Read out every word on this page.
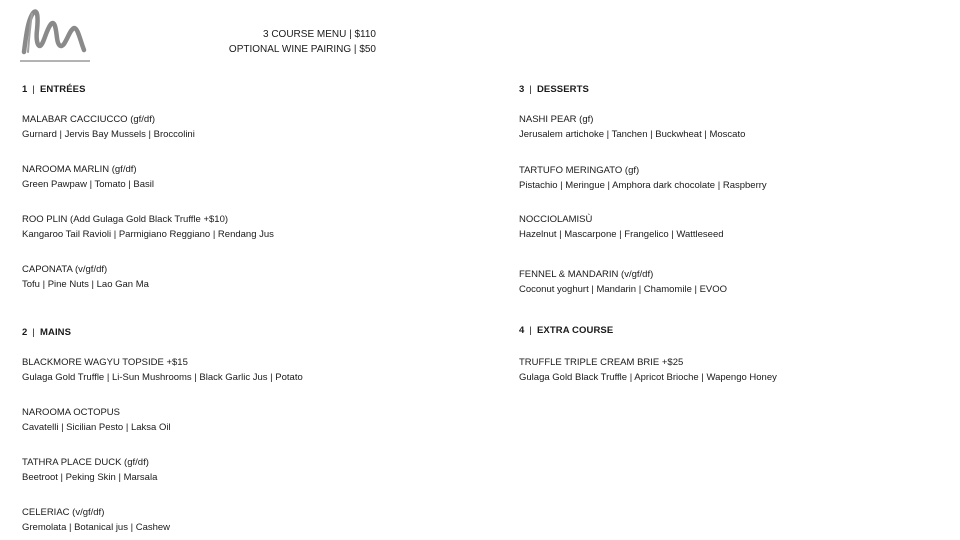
3 COURSE MENU | $110
OPTIONAL WINE PAIRING | $50
1 | ENTRÉES
MALABAR CACCIUCCO (gf/df)
Gurnard | Jervis Bay Mussels | Broccolini
NAROOMA MARLIN (gf/df)
Green Pawpaw | Tomato | Basil
ROO PLIN (Add Gulaga Gold Black Truffle +$10)
Kangaroo Tail Ravioli | Parmigiano Reggiano | Rendang Jus
CAPONATA (v/gf/df)
Tofu | Pine Nuts | Lao Gan Ma
2 | MAINS
BLACKMORE WAGYU TOPSIDE +$15
Gulaga Gold Truffle | Li-Sun Mushrooms | Black Garlic Jus | Potato
NAROOMA OCTOPUS
Cavatelli | Sicilian Pesto | Laksa Oil
TATHRA PLACE DUCK (gf/df)
Beetroot | Peking Skin | Marsala
CELERIAC (v/gf/df)
Gremolata | Botanical jus | Cashew
3 | DESSERTS
NASHI PEAR (gf)
Jerusalem artichoke | Tanchen | Buckwheat | Moscato
TARTUFO MERINGATO (gf)
Pistachio | Meringue | Amphora dark chocolate | Raspberry
NOCCIOLAMISÙ
Hazelnut | Mascarpone | Frangelico | Wattleseed
FENNEL & MANDARIN (v/gf/df)
Coconut yoghurt | Mandarin | Chamomile | EVOO
4 | EXTRA COURSE
TRUFFLE TRIPLE CREAM BRIE +$25
Gulaga Gold Black Truffle | Apricot Brioche | Wapengo Honey
